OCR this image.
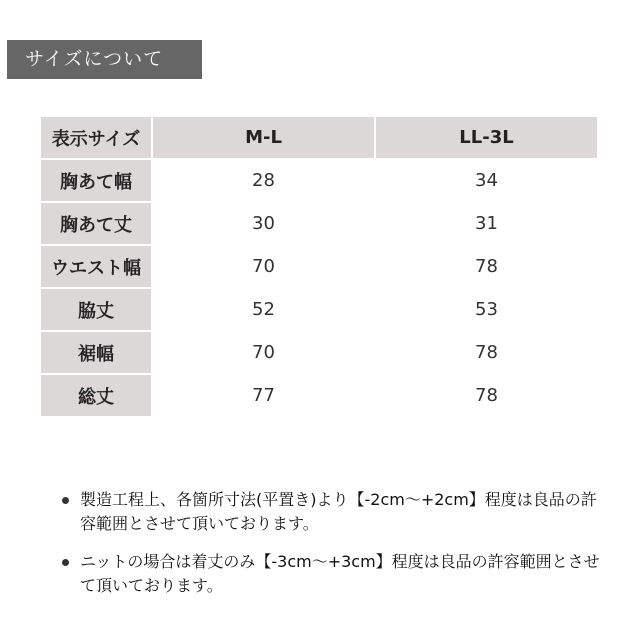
サイズについて
表示サイズ	M-L	LL-3L
胸あて幅	28	34
胸あて丈	30	31
ウエスト幅	70	78
脇丈	52	53
裾幅	70	78
総丈	77	78
製造工程上、各箇所寸法(平置き)より【-2cm～+2cm】程度は良品の許容範囲とさせて頂いております。
ニットの場合は着丈のみ【-3cm～+3cm】程度は良品の許容範囲とさせて頂いております。
